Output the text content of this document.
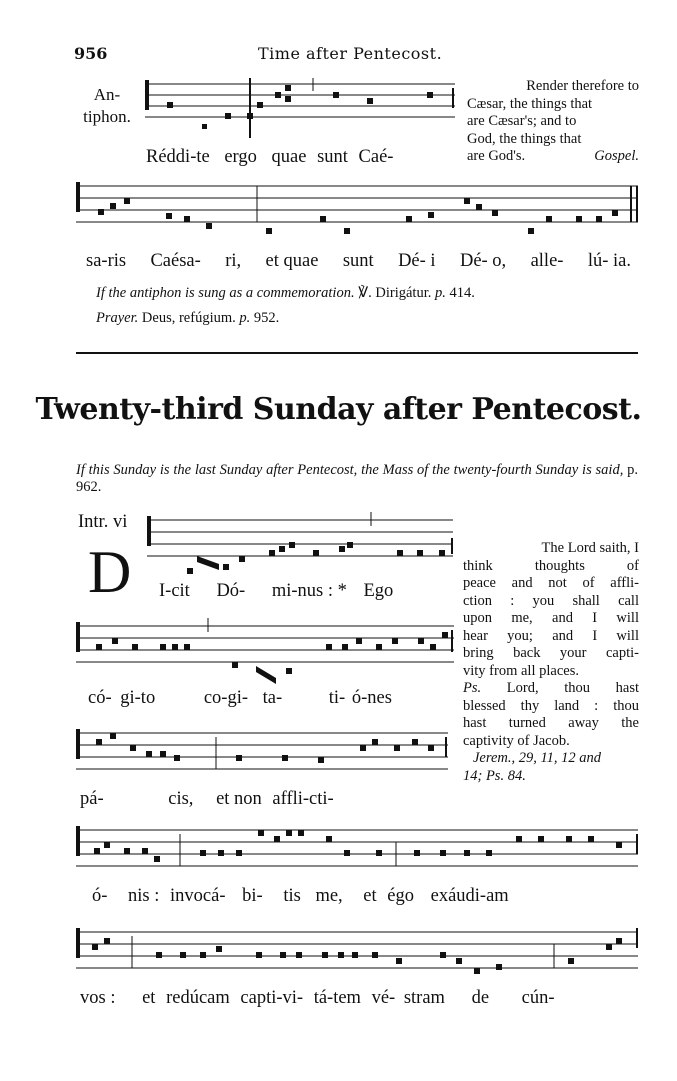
956	Time after Pentecost.
An-
tiphon.
Réddi-te ergo quae sunt Caé-
Render therefore to
Cæsar, the things that
are Cæsar's; and to
God, the things that
are God's.	Gospel.
sa-ris Caésa- ri, et quae sunt Dé- i Dé- o, alle- lú- ia.
If the antiphon is sung as a commemoration. ℣. Dirigátur. p. 414.
Prayer. Deus, refúgium. p. 952.
Twenty-third Sunday after Pentecost.
If this Sunday is the last Sunday after Pentecost, the Mass of the twenty-fourth Sunday is said, p. 962.
Intr. vi
D I-cit Dó- mi-nus : * Ego
The Lord saith, I
think thoughts of
peace and not of affli-
ction : you shall call
upon me, and I will
hear you; and I will
bring back your capti-
vity from all places.
Ps. Lord, thou hast
blessed thy land : thou
hast turned away the
captivity of Jacob.
Jerem., 29, 11, 12 and
14; Ps. 84.
có- gi-to	co-gi- ta-	ti- ó-nes
pá-	cis, et non affli-cti-
ó- nis : invocá- bi- tis me, et égo exáudi-am
vos : et redúcam capti-vi- tá-tem vé- stram de cún-
